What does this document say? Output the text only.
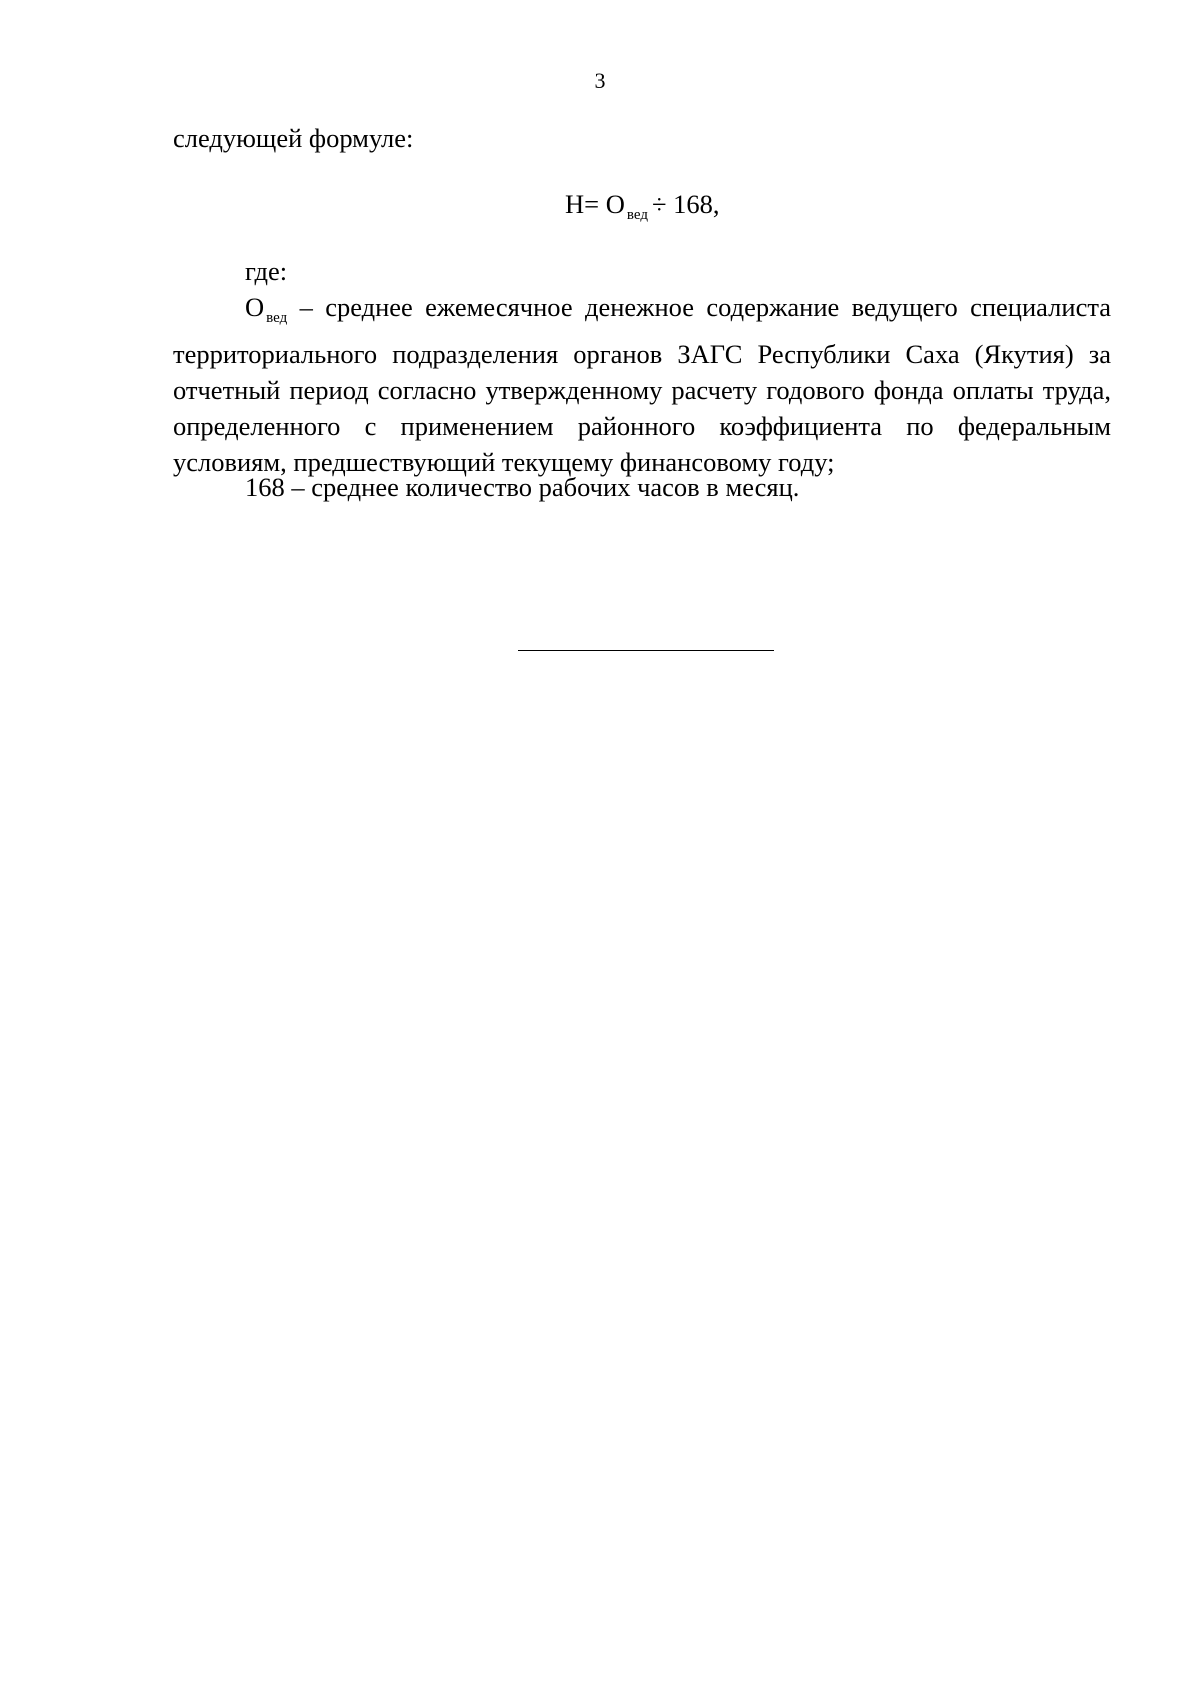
3
следующей формуле:
Н= О $_{вед}$ ÷ 168,
где:
О $_{вед}$ – среднее ежемесячное денежное содержание ведущего специалиста территориального подразделения органов ЗАГС Республики Саха (Якутия) за отчетный период согласно утвержденному расчету годового фонда оплаты труда, определенного с применением районного коэффициента по федеральным условиям, предшествующий текущему финансовому году;
168 – среднее количество рабочих часов в месяц.
